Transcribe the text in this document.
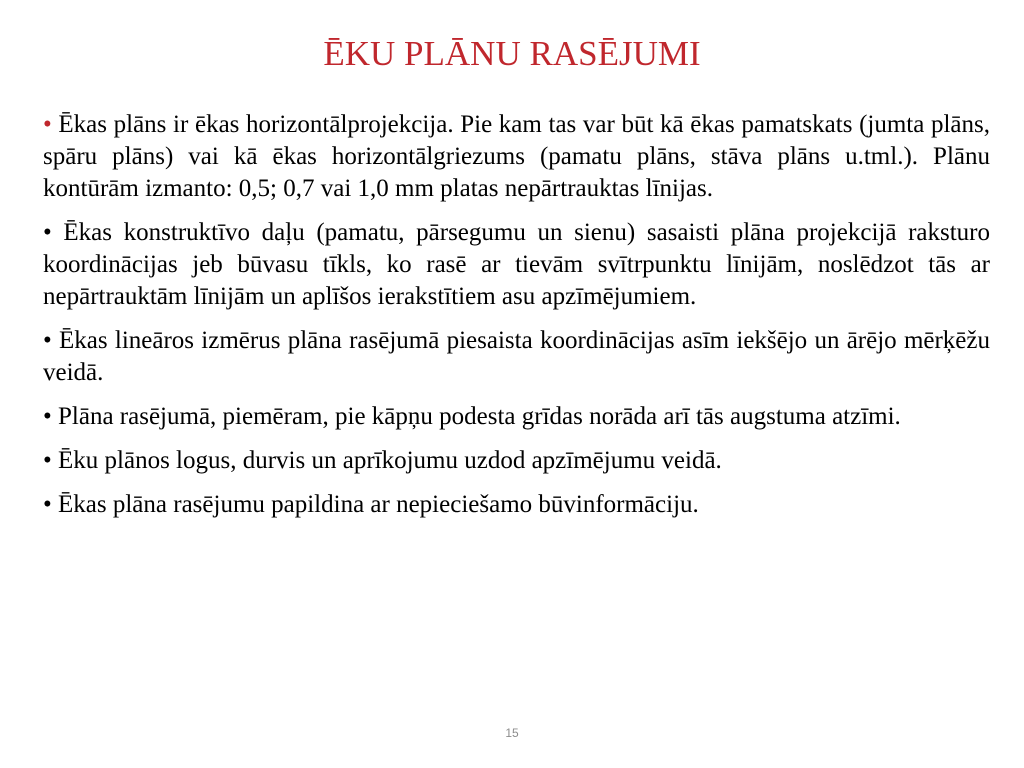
ĒKU PLĀNU RASĒJUMI
• Ēkas plāns ir ēkas horizontālprojekcija. Pie kam tas var būt kā ēkas pamatskats (jumta plāns, spāru plāns) vai kā ēkas horizontālgriezums (pamatu plāns, stāva plāns u.tml.). Plānu kontūrām izmanto: 0,5; 0,7 vai 1,0 mm platas nepārtrauktas līnijas.
• Ēkas konstruktīvo daļu (pamatu, pārsegumu un sienu) sasaisti plāna projekcijā raksturo koordinācijas jeb būvasu tīkls, ko rasē ar tievām svītrpunktu līnijām, noslēdzot tās ar nepārtrauktām līnijām un aplīšos ierakstītiem asu apzīmējumiem.
• Ēkas lineāros izmērus plāna rasējumā piesaista koordinācijas asīm iekšējo un ārējo mērķēžu veidā.
• Plāna rasējumā, piemēram, pie kāpņu podesta grīdas norāda arī tās augstuma atzīmi.
• Ēku plānos logus, durvis un aprīkojumu uzdod apzīmējumu veidā.
• Ēkas plāna rasējumu papildina ar nepieciešamo būvinformāciju.
15
